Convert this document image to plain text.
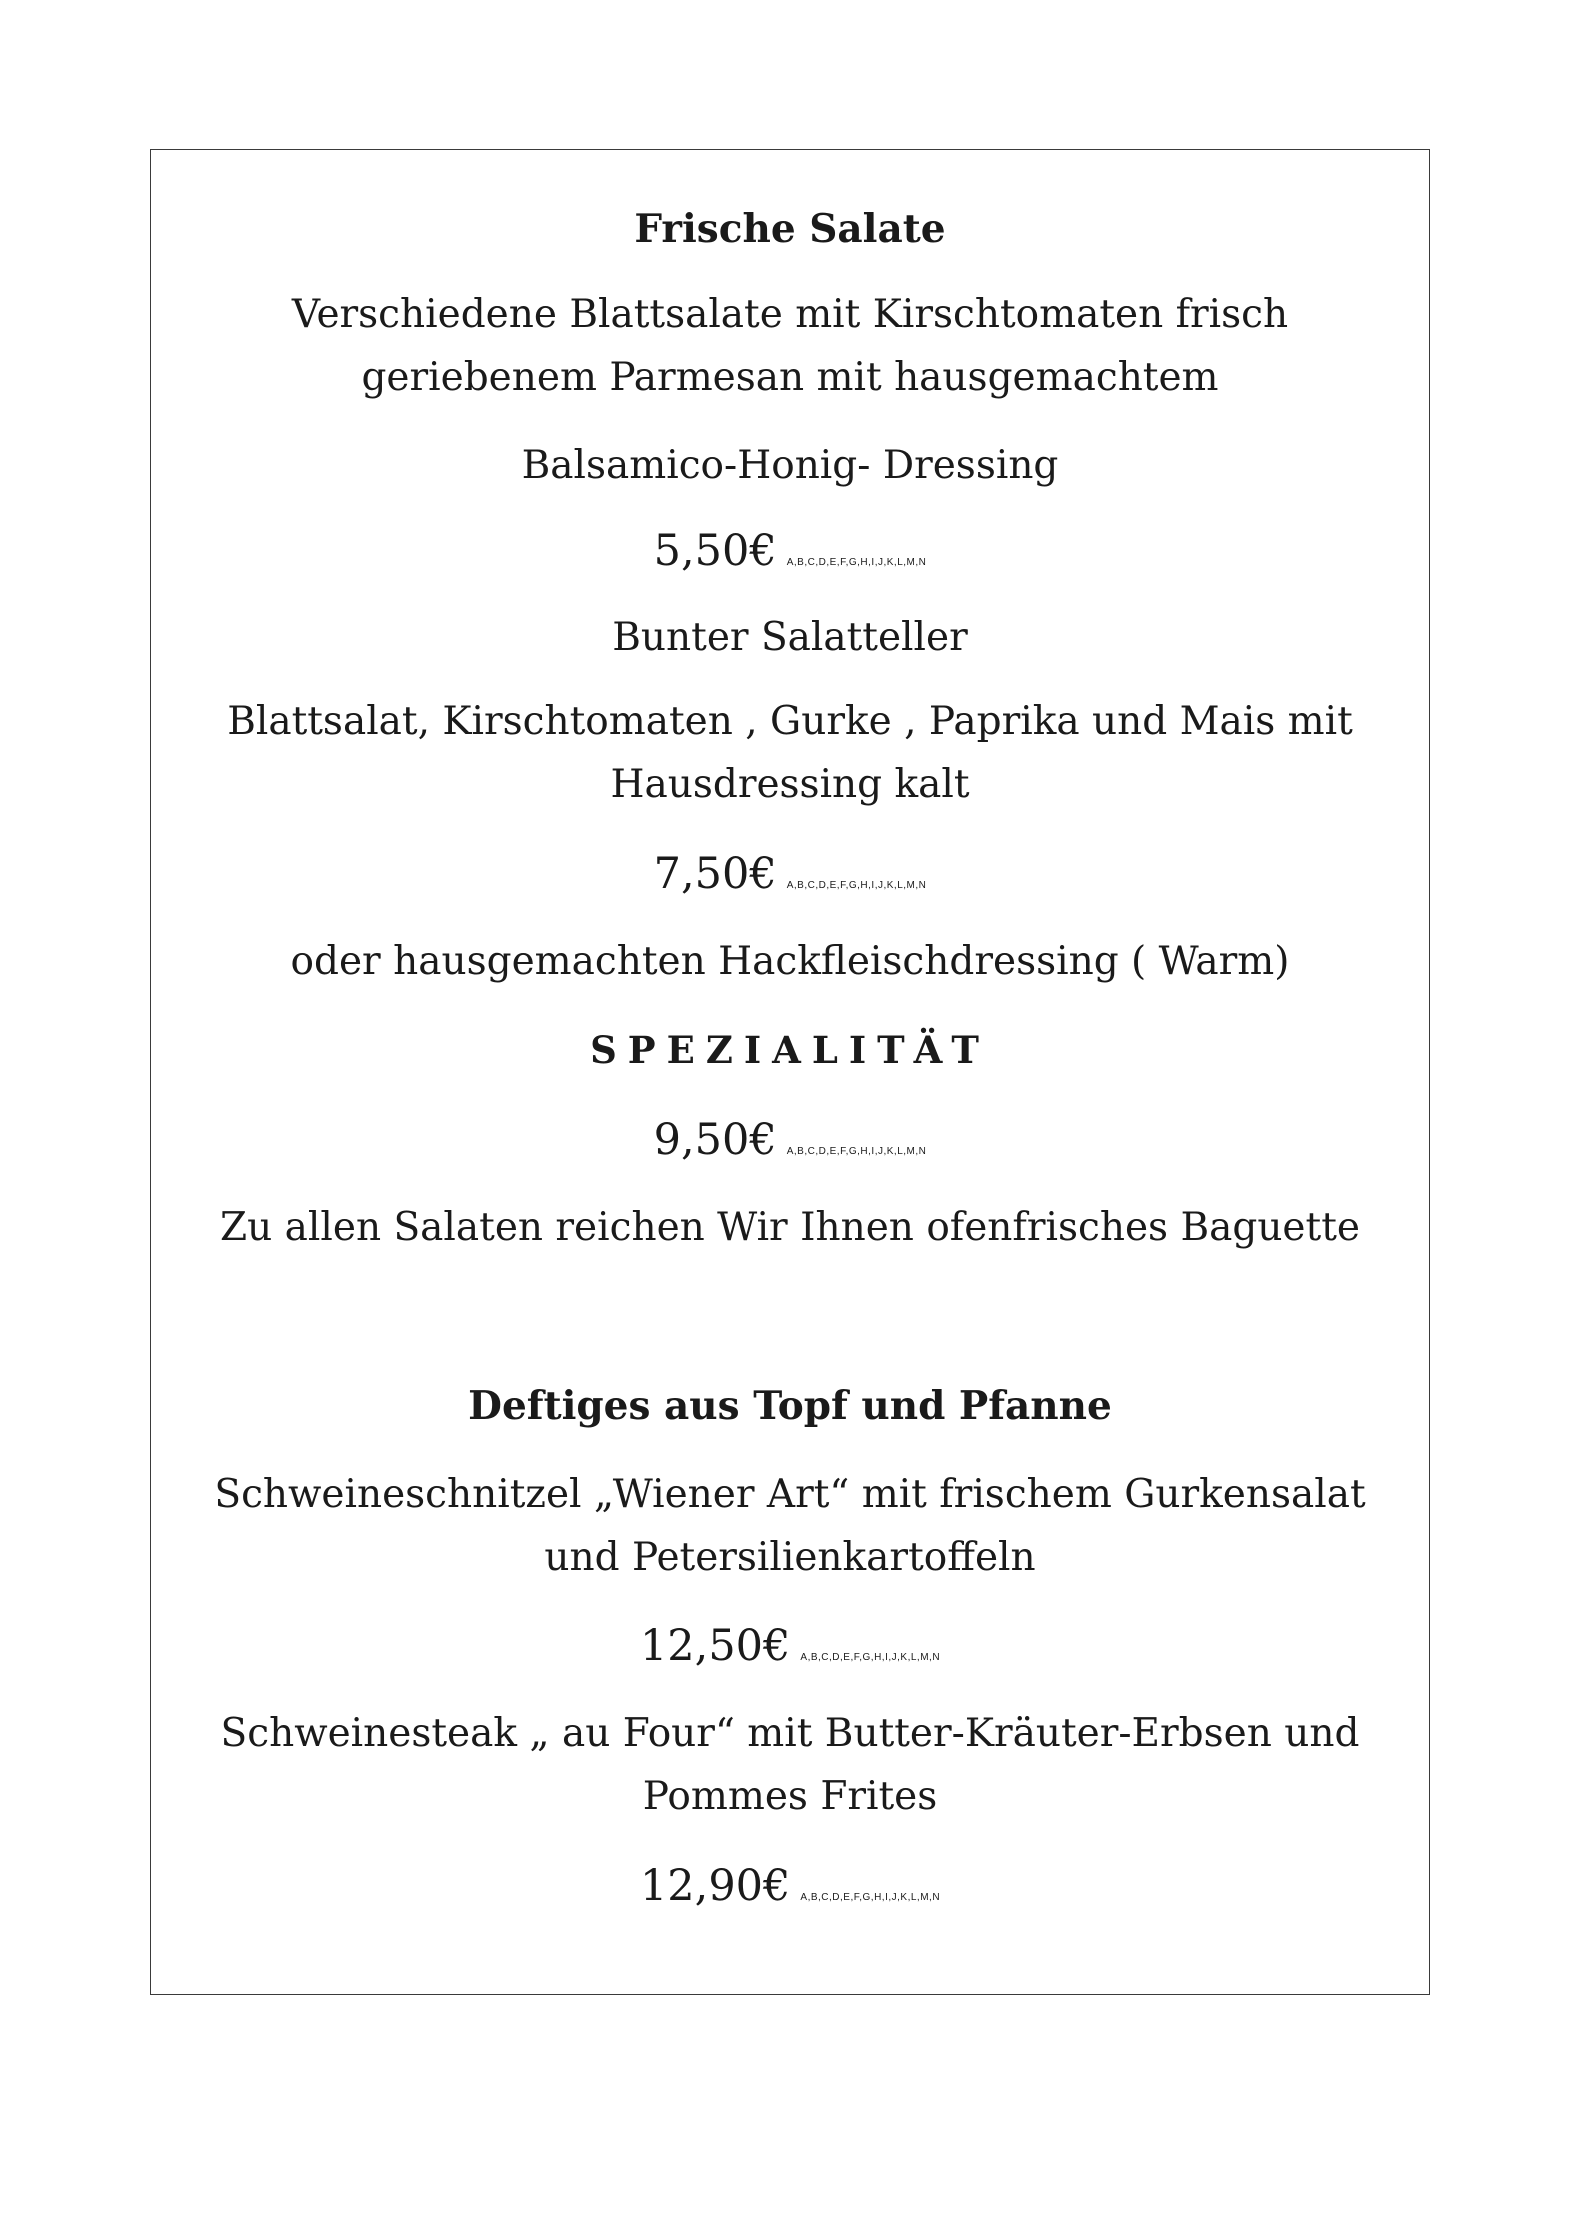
Frische Salate
Verschiedene Blattsalate mit Kirschtomaten frisch
geriebenem Parmesan mit hausgemachtem
Balsamico-Honig- Dressing
5,50€ A,B,C,D,E,F,G,H,I,J,K,L,M,N
Bunter Salatteller
Blattsalat, Kirschtomaten , Gurke , Paprika und Mais mit
Hausdressing kalt
7,50€ A,B,C,D,E,F,G,H,I,J,K,L,M,N
oder hausgemachten Hackfleischdressing ( Warm)
SPEZIALITÄT
9,50€ A,B,C,D,E,F,G,H,I,J,K,L,M,N
Zu allen Salaten reichen Wir Ihnen ofenfrisches Baguette
Deftiges aus Topf und Pfanne
Schweineschnitzel „Wiener Art“ mit frischem Gurkensalat
und Petersilienkartoffeln
12,50€ A,B,C,D,E,F,G,H,I,J,K,L,M,N
Schweinesteak „ au Four“ mit Butter-Kräuter-Erbsen und
Pommes Frites
12,90€ A,B,C,D,E,F,G,H,I,J,K,L,M,N
